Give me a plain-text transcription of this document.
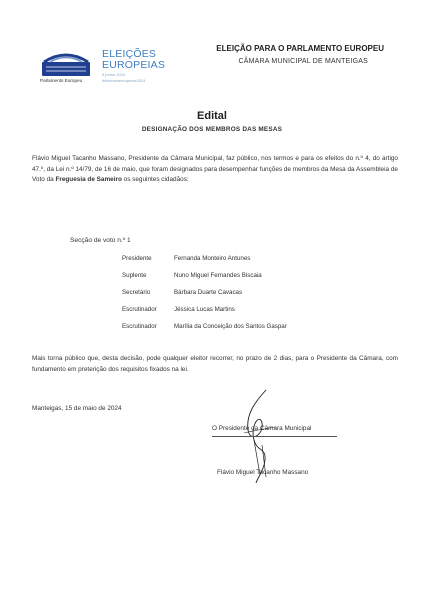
Parlamento Europeu
ELEIÇÕES
EUROPEIAS
9 junho 2024
#eleicoeseuropeias2024
ELEIÇÃO PARA O PARLAMENTO EUROPEU
CÂMARA MUNICIPAL DE MANTEIGAS
Edital
DESIGNAÇÃO DOS MEMBROS DAS MESAS
Flávio Miguel Tacanho Massano, Presidente da Câmara Municipal, faz público, nos termos e para os efeitos do n.º 4, do artigo 47.º, da Lei n.º 14/79, de 16 de maio, que foram designados para desempenhar funções de membros da Mesa da Assembleia de Voto da Freguesia de Sameiro os seguintes cidadãos:
Secção de voto n.º 1
Presidente	Fernanda Monteiro Antunes
Suplente	Nuno Miguel Fernandes Biscaia
Secretário	Bárbara Duarte Cavacas
Escrutinador	Jéssica Lucas Martins
Escrutinador	Marília da Conceição dos Santos Gaspar
Mais torna público que, desta decisão, pode qualquer eleitor recorrer, no prazo de 2 dias, para o Presidente da Câmara, com fundamento em preterição dos requisitos fixados na lei.
Manteigas, 15 de maio de 2024
O Presidente da Câmara Municipal
Flávio Miguel Tacanho Massano
